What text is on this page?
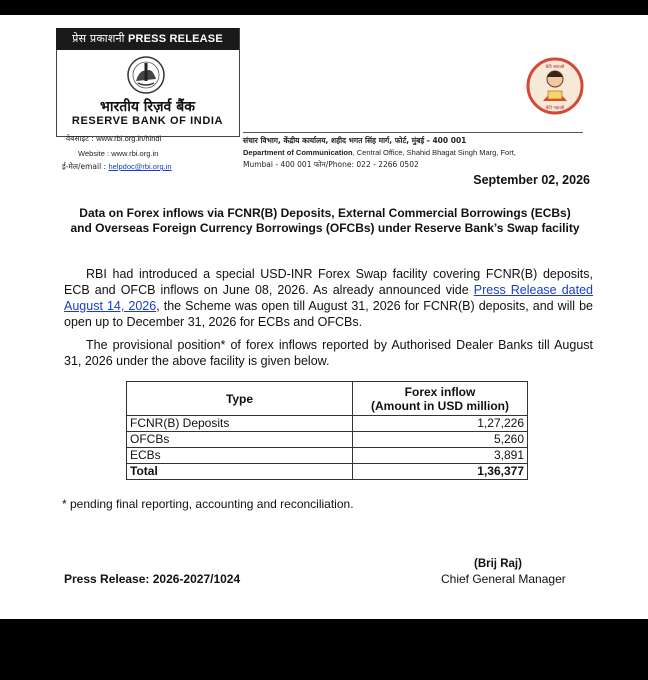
प्रेस प्रकाशनी PRESS RELEASE
भारतीय रिज़र्व बैंक
RESERVE BANK OF INDIA
वेबसाइट : www.rbi.org.in/hindi
Website : www.rbi.org.in
ई-मेल/email : helpdoc@rbi.org.in
संचार विभाग, केंद्रीय कार्यालय, शहीद भगत सिंह मार्ग, फोर्ट, मुंबई - 400 001
Department of Communication, Central Office, Shahid Bhagat Singh Marg, Fort,
Mumbai - 400 001 फोन/Phone: 022 - 2266 0502
बेटी बचाओ
बेटी पढ़ाओ
September 02, 2026
Data on Forex inflows via FCNR(B) Deposits, External Commercial Borrowings (ECBs) and Overseas Foreign Currency Borrowings (OFCBs) under Reserve Bank’s Swap facility
RBI had introduced a special USD-INR Forex Swap facility covering FCNR(B) deposits, ECB and OFCB inflows on June 08, 2026. As already announced vide Press Release dated August 14, 2026, the Scheme was open till August 31, 2026 for FCNR(B) deposits, and will be open up to December 31, 2026 for ECBs and OFCBs.
The provisional position* of forex inflows reported by Authorised Dealer Banks till August 31, 2026 under the above facility is given below.
Type	Forex inflow
(Amount in USD million)

FCNR(B) Deposits	1,27,226
OFCBs	5,260
ECBs	3,891
Total	1,36,377
* pending final reporting, accounting and reconciliation.
(Brij Raj)
Chief General Manager
Press Release: 2026-2027/1024
